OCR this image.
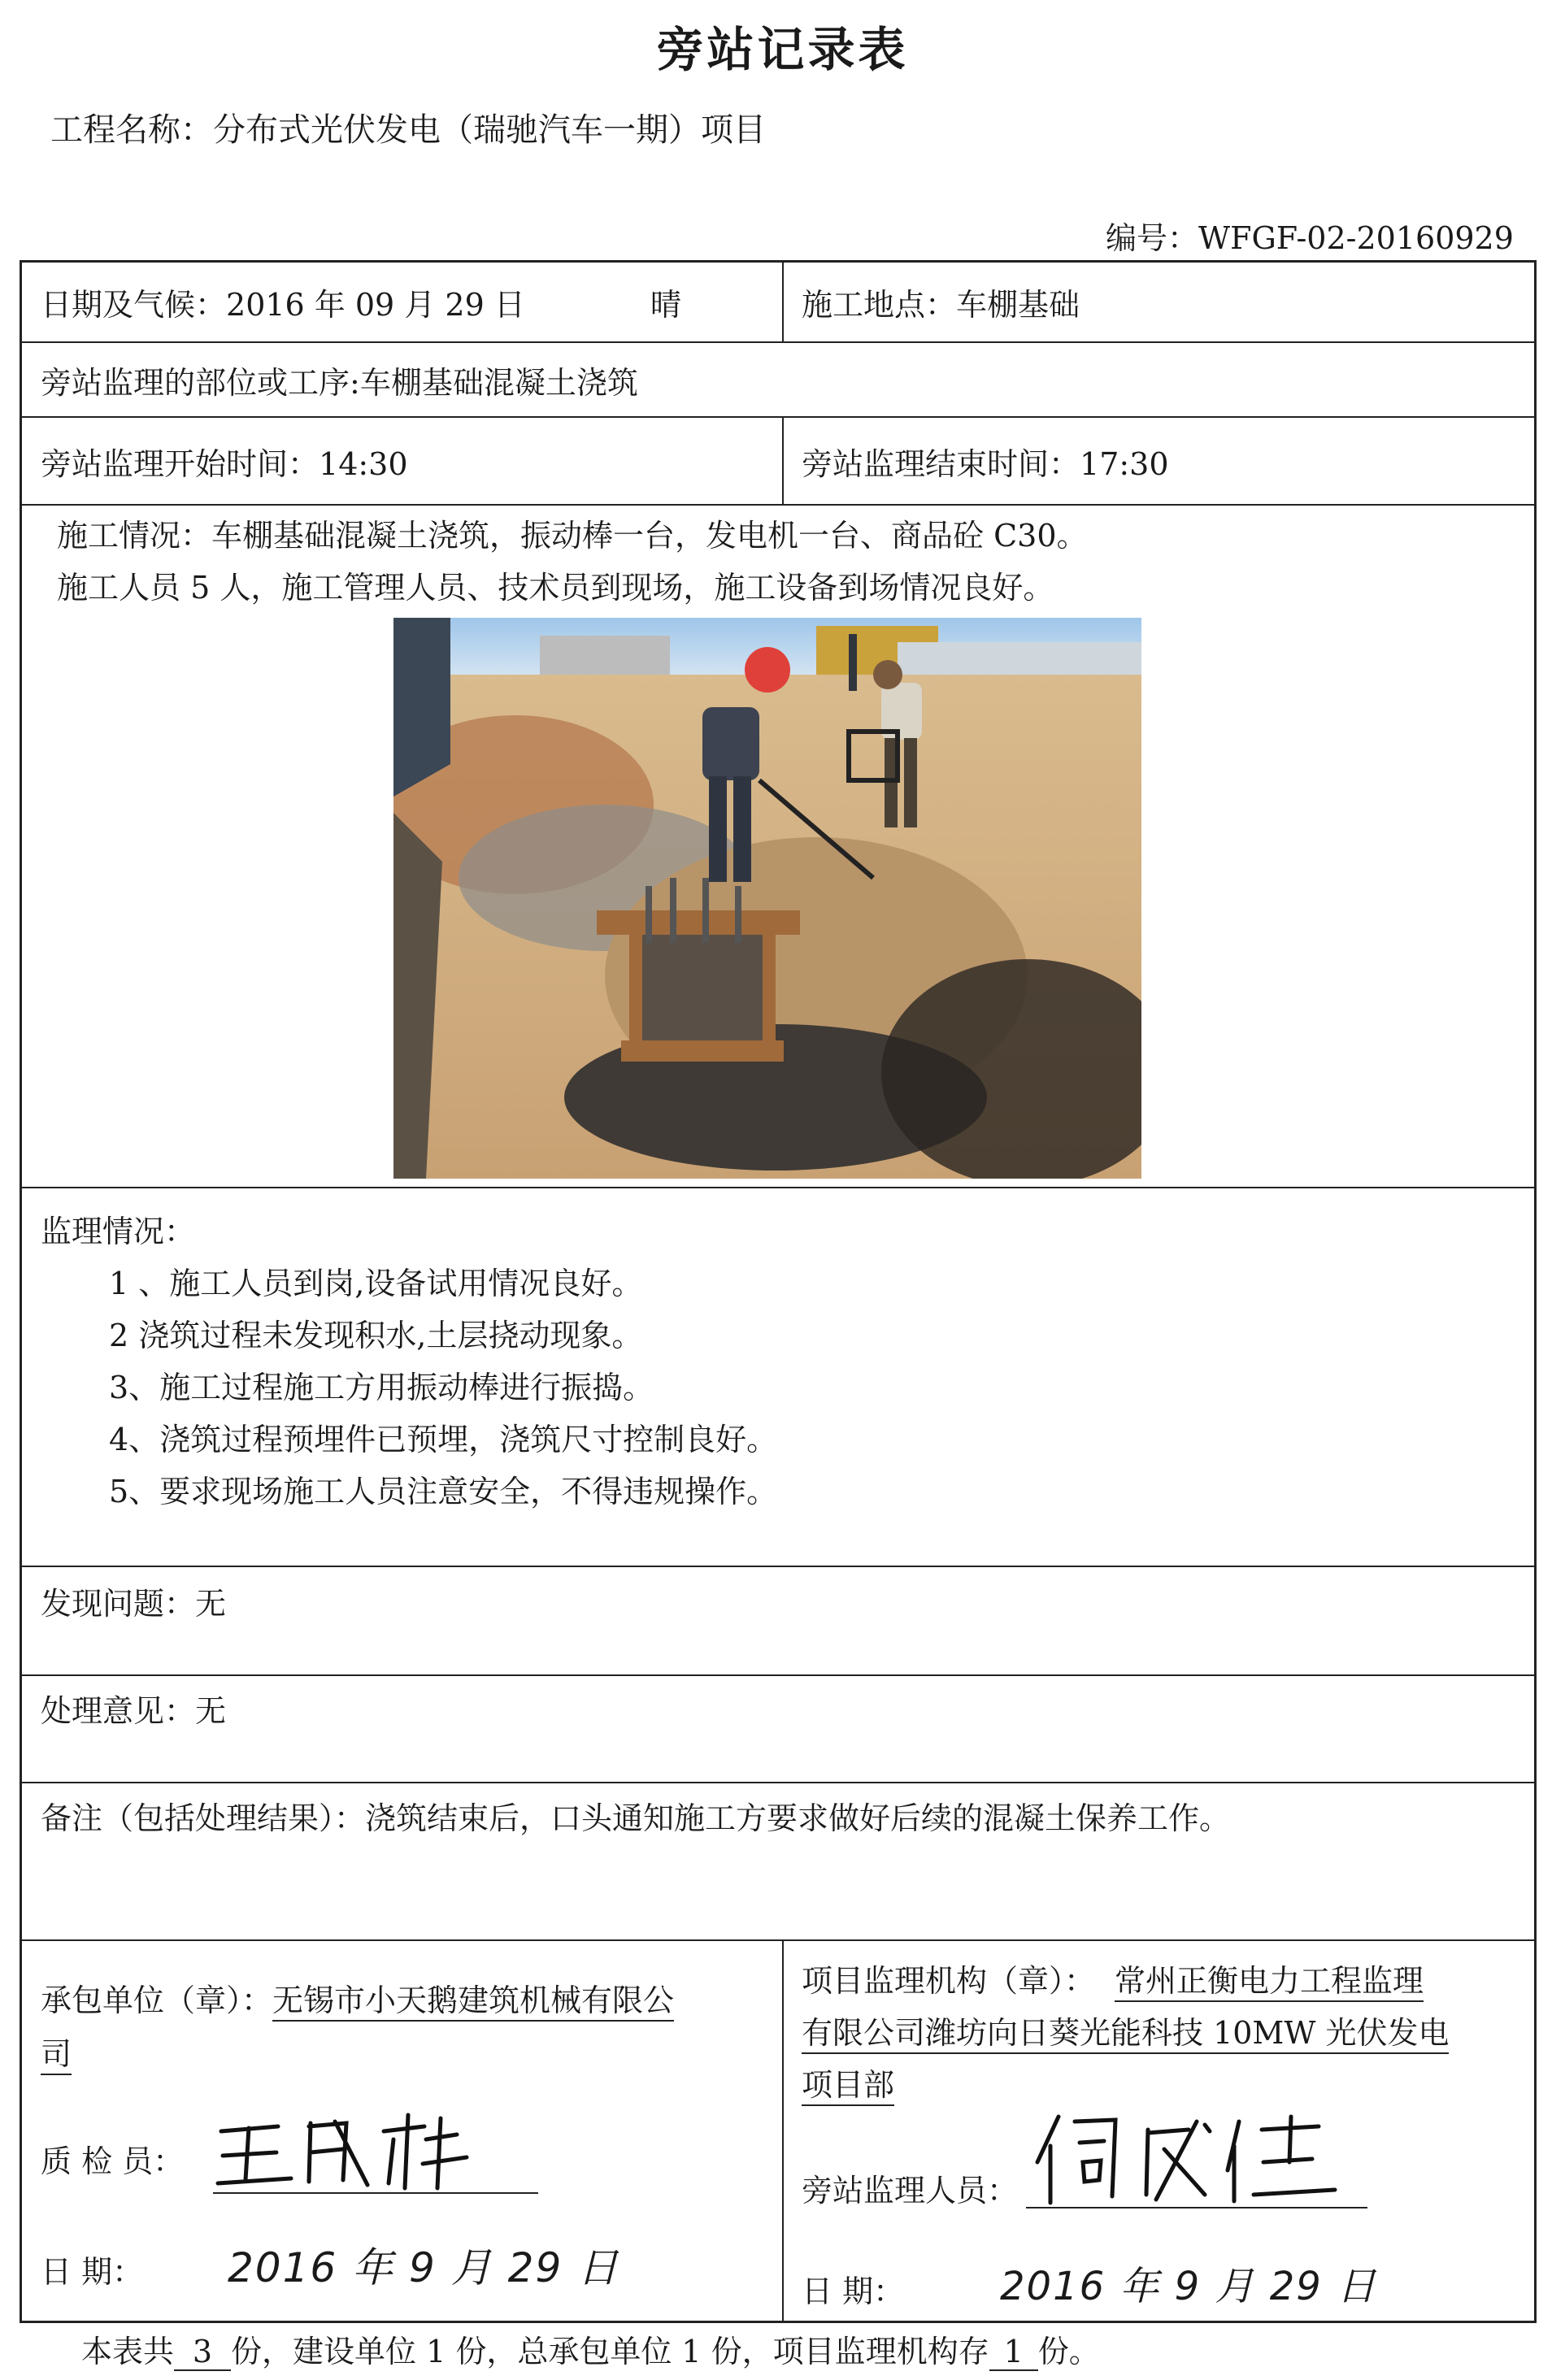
旁站记录表
工程名称：分布式光伏发电（瑞驰汽车一期）项目
编号：WFGF-02-20160929
日期及气候：2016 年 09 月 29 日	晴	施工地点：车棚基础
旁站监理的部位或工序:车棚基础混凝土浇筑
旁站监理开始时间：14:30	旁站监理结束时间：17:30
施工情况：车棚基础混凝土浇筑，振动棒一台，发电机一台、商品砼 C30。
施工人员 5 人，施工管理人员、技术员到现场，施工设备到场情况良好。
监理情况：
1 、施工人员到岗,设备试用情况良好。
2 浇筑过程未发现积水,土层挠动现象。
3、施工过程施工方用振动棒进行振捣。
4、浇筑过程预埋件已预埋，浇筑尺寸控制良好。
5、要求现场施工人员注意安全，不得违规操作。
发现问题：无
处理意见：无
备注（包括处理结果）：浇筑结束后，口头通知施工方要求做好后续的混凝土保养工作。
承包单位（章）：无锡市小天鹅建筑机械有限公
司
质 检 员：
日 期： 2016 年 9 月 29 日
项目监理机构（章）： 常州正衡电力工程监理
有限公司潍坊向日葵光能科技 10MW 光伏发电
项目部
旁站监理人员：
日 期： 2016 年 9 月 29 日
本表共 3 份，建设单位 1 份，总承包单位 1 份，项目监理机构存 1 份。
